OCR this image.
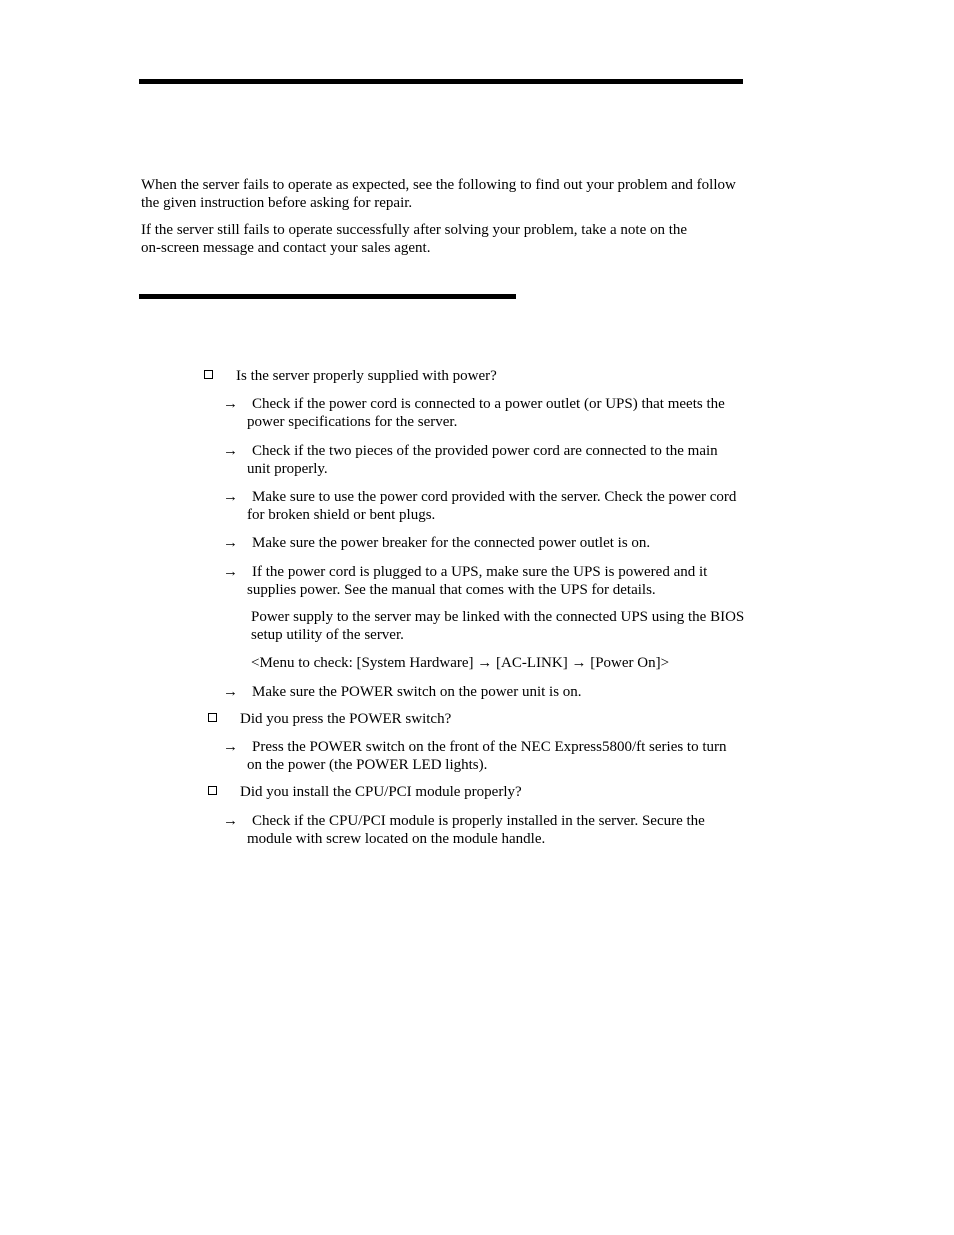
When the server fails to operate as expected, see the following to find out your problem and follow
the given instruction before asking for repair.
If the server still fails to operate successfully after solving your problem, take a note on the
on-screen message and contact your sales agent.
Is the server properly supplied with power?
→ Check if the power cord is connected to a power outlet (or UPS) that meets the
power specifications for the server.
→ Check if the two pieces of the provided power cord are connected to the main
unit properly.
→ Make sure to use the power cord provided with the server. Check the power cord
for broken shield or bent plugs.
→ Make sure the power breaker for the connected power outlet is on.
→ If the power cord is plugged to a UPS, make sure the UPS is powered and it
supplies power. See the manual that comes with the UPS for details.
Power supply to the server may be linked with the connected UPS using the BIOS
setup utility of the server.
<Menu to check: [System Hardware] → [AC-LINK] → [Power On]>
→ Make sure the POWER switch on the power unit is on.
Did you press the POWER switch?
→ Press the POWER switch on the front of the NEC Express5800/ft series to turn
on the power (the POWER LED lights).
Did you install the CPU/PCI module properly?
→ Check if the CPU/PCI module is properly installed in the server. Secure the
module with screw located on the module handle.
